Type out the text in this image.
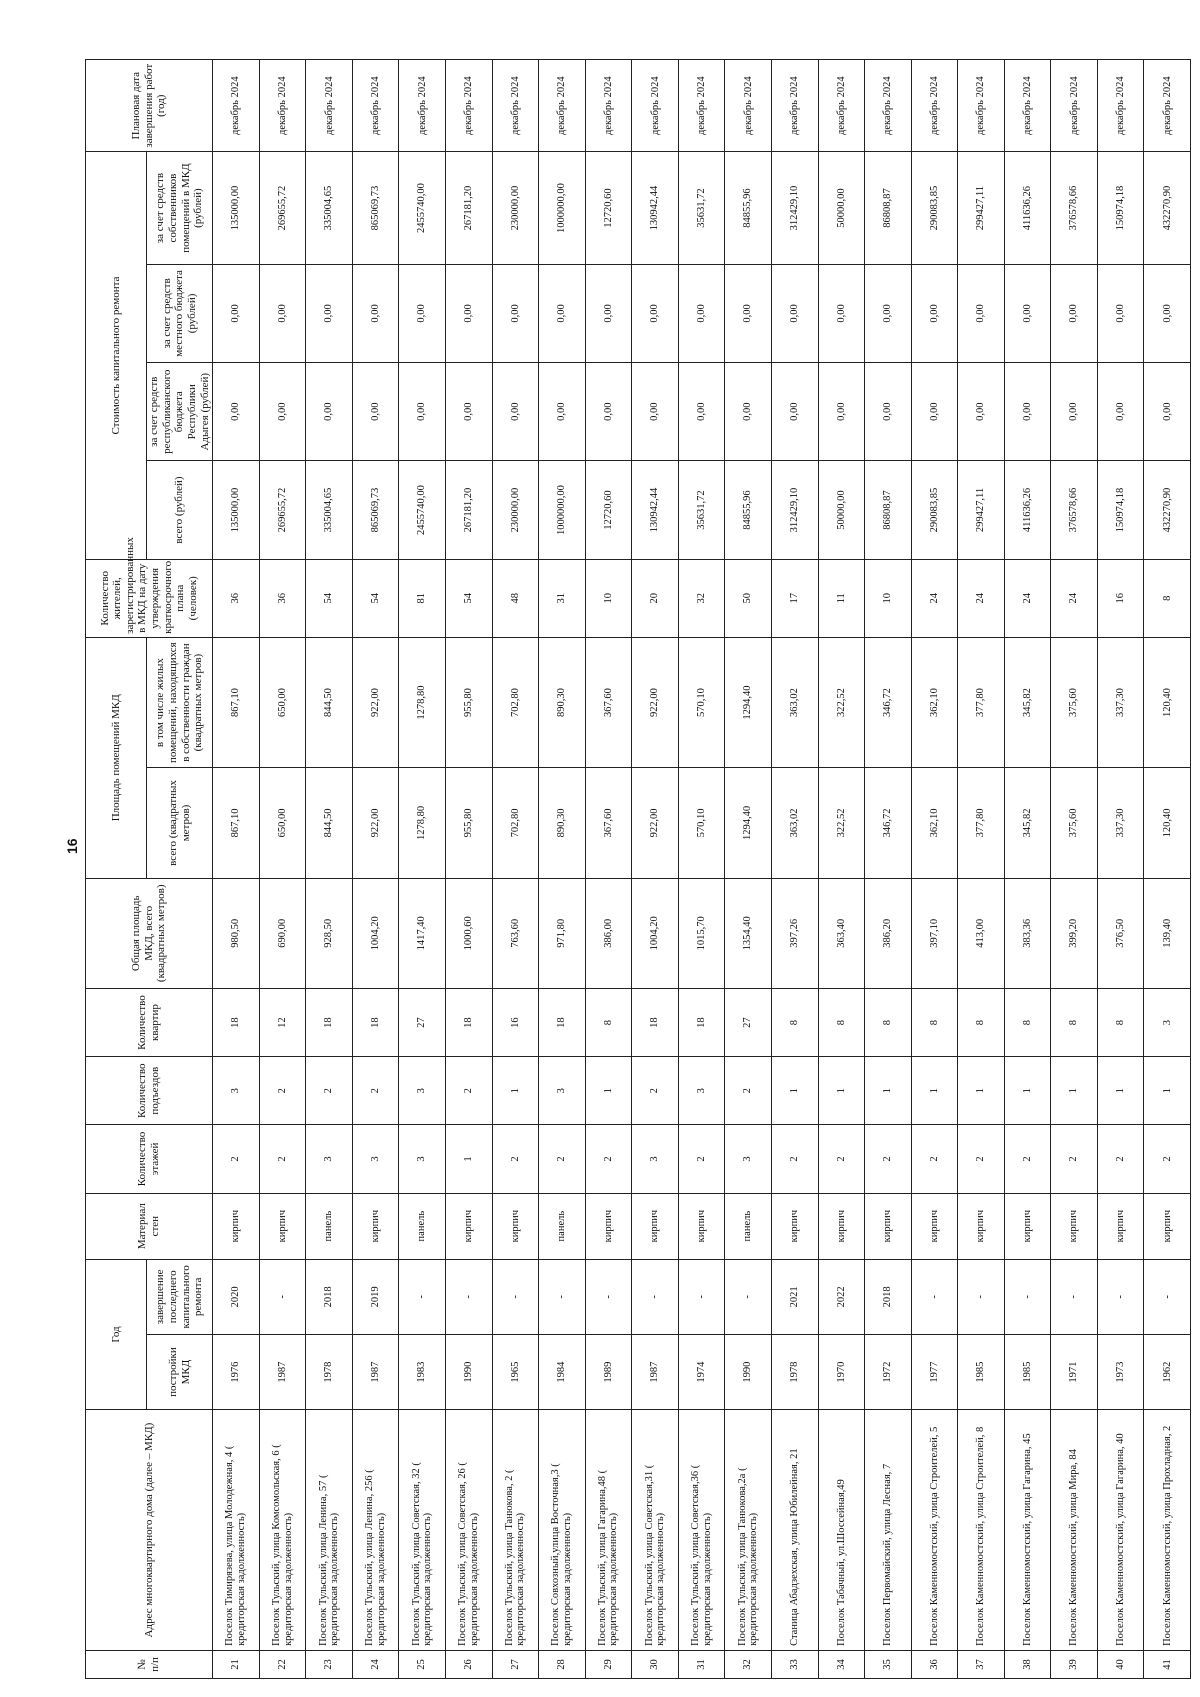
16
№ п/п	Адрес многоквартирного дома (далее – МКД)	Год		Материал стен	Количество этажей	Количество подъездов	Количество квартир	Общая площадь МКД, всего (квадратных метров)	Площадь помещений МКД		Количество жителей, зарегистрированных в МКД на дату утверждения краткосрочного плана (человек)	Стоимость капитального ремонта				Плановая дата завершения работ (год)
		постройки МКД	завершение последнего капитального ремонта						всего (квадратных метров)	в том числе жилых помещений, находящихся в собственности граждан (квадратных метров)		всего (рублей)	за счет средств республиканского бюджета Республики Адыгея (рублей)	за счет средств местного бюджета (рублей)	за счет средств собственников помещений в МКД (рублей)	

21	Поселок Тимирязева, улица Молодежная, 4 ( кредиторская задолженность)	1976	2020	кирпич	2	3	18	980,50	867,10	867,10	36	135000,00	0,00	0,00	135000,00	декабрь 2024
22	Поселок Тульский, улица Комсомольская, 6 ( кредиторская задолженность)	1987	-	кирпич	2	2	12	690,00	650,00	650,00	36	269655,72	0,00	0,00	269655,72	декабрь 2024
23	Поселок Тульский, улица Ленина, 57 ( кредиторская задолженность)	1978	2018	панель	3	2	18	928,50	844,50	844,50	54	335004,65	0,00	0,00	335004,65	декабрь 2024
24	Поселок Тульский, улица Ленина, 256 ( кредиторская задолженность)	1987	2019	кирпич	3	2	18	1004,20	922,00	922,00	54	865069,73	0,00	0,00	865069,73	декабрь 2024
25	Поселок Тульский, улица Советская, 32 ( кредиторская задолженность)	1983	-	панель	3	3	27	1417,40	1278,80	1278,80	81	2455740,00	0,00	0,00	2455740,00	декабрь 2024
26	Поселок Тульский, улица Советская, 26 ( кредиторская задолженность)	1990	-	кирпич	1	2	18	1000,60	955,80	955,80	54	267181,20	0,00	0,00	267181,20	декабрь 2024
27	Поселок Тульский, улица Танюкова, 2 ( кредиторская задолженность)	1965	-	кирпич	2	1	16	763,60	702,80	702,80	48	230000,00	0,00	0,00	230000,00	декабрь 2024
28	Поселок Совхозный,улица Восточная,3 ( кредиторская задолженность)	1984	-	панель	2	3	18	971,80	890,30	890,30	31	1000000,00	0,00	0,00	1000000,00	декабрь 2024
29	Поселок Тульский, улица Гагарина,48 ( кредиторская задолженность)	1989	-	кирпич	2	1	8	386,00	367,60	367,60	10	12720,60	0,00	0,00	12720,60	декабрь 2024
30	Поселок Тульский, улица Советская,31 ( кредиторская задолженность)	1987	-	кирпич	3	2	18	1004,20	922,00	922,00	20	130942,44	0,00	0,00	130942,44	декабрь 2024
31	Поселок Тульский, улица Советская,36 ( кредиторская задолженность)	1974	-	кирпич	2	3	18	1015,70	570,10	570,10	32	35631,72	0,00	0,00	35631,72	декабрь 2024
32	Поселок Тульский, улица Танюкова,2а ( кредиторская задолженность)	1990	-	панель	3	2	27	1354,40	1294,40	1294,40	50	84855,96	0,00	0,00	84855,96	декабрь 2024
33	Станица Абадзехская, улица Юбилейная, 21	1978	2021	кирпич	2	1	8	397,26	363,02	363,02	17	312429,10	0,00	0,00	312429,10	декабрь 2024
34	Поселок Табачный, ул.Шоссейная,49	1970	2022	кирпич	2	1	8	363,40	322,52	322,52	11	50000,00	0,00	0,00	50000,00	декабрь 2024
35	Поселок Первомайский, улица Лесная, 7	1972	2018	кирпич	2	1	8	386,20	346,72	346,72	10	86808,87	0,00	0,00	86808,87	декабрь 2024
36	Поселок Каменномостский, улица Строителей, 5	1977	-	кирпич	2	1	8	397,10	362,10	362,10	24	290083,85	0,00	0,00	290083,85	декабрь 2024
37	Поселок Каменномостский, улица Строителей, 8	1985	-	кирпич	2	1	8	413,00	377,80	377,80	24	299427,11	0,00	0,00	299427,11	декабрь 2024
38	Поселок Каменномостский, улица Гагарина, 45	1985	-	кирпич	2	1	8	383,36	345,82	345,82	24	411636,26	0,00	0,00	411636,26	декабрь 2024
39	Поселок Каменномостский, улица Мира, 84	1971	-	кирпич	2	1	8	399,20	375,60	375,60	24	376578,66	0,00	0,00	376578,66	декабрь 2024
40	Поселок Каменномостский, улица Гагарина, 40	1973	-	кирпич	2	1	8	376,50	337,30	337,30	16	150974,18	0,00	0,00	150974,18	декабрь 2024
41	Поселок Каменномостский, улица Прохладная, 2	1962	-	кирпич	2	1	3	139,40	120,40	120,40	8	432270,90	0,00	0,00	432270,90	декабрь 2024
